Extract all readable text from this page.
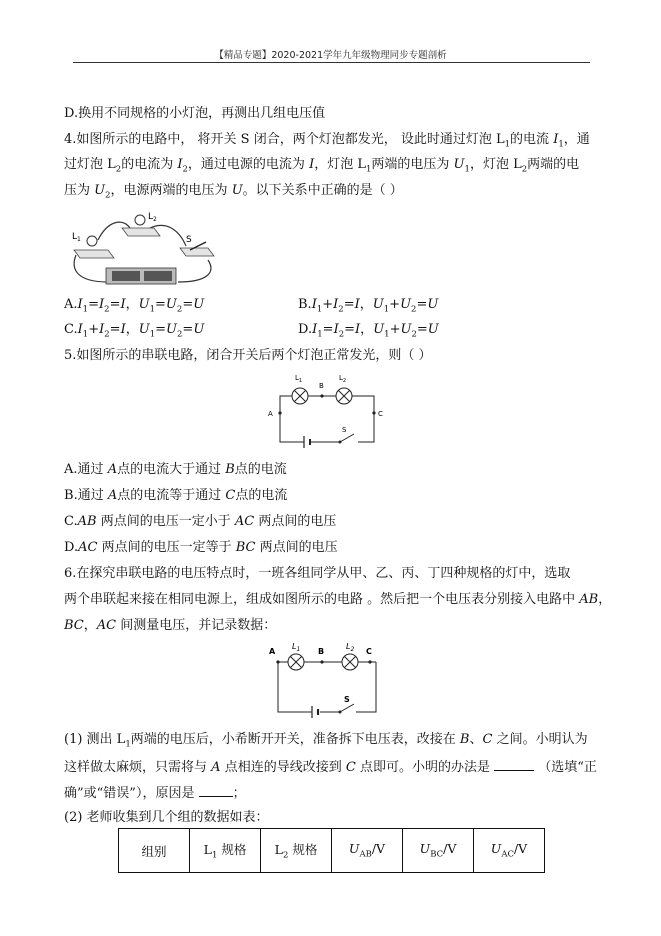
【精品专题】2020-2021学年九年级物理同步专题剖析
D.换用不同规格的小灯泡，再测出几组电压值
4.如图所示的电路中， 将开关 S 闭合，两个灯泡都发光， 设此时通过灯泡 $L_1$的电流 $I_1$，通
过灯泡 $L_2$的电流为 $I_2$，通过电源的电流为 I，灯泡 $L_1$两端的电压为 $U_1$，灯泡 $L_2$两端的电
压为 $U_2$，电源两端的电压为 U。以下关系中正确的是（ ）
$L_1$
$L_2$
S
$A.I_1=I_2=I$，$U_1=U_2=U$	$B.I_1+I_2=I$，$U_1+U_2=U$
$C.I_1+I_2=I$，$U_1=U_2=U$	$D.I_1=I_2=I$，$U_1+U_2=U$
5.如图所示的串联电路，闭合开关后两个灯泡正常发光，则（ ）
S
$L_1$	$L_2$
B
A	C
A.通过 A点的电流大于通过 B点的电流
B.通过 A点的电流等于通过 C点的电流
C.AB 两点间的电压一定小于 AC 两点间的电压
D.AC 两点间的电压一定等于 BC 两点间的电压
6.在探究串联电路的电压特点时，一班各组同学从甲、乙、丙、丁四种规格的灯中，选取
两个串联起来接在相同电源上，组成如图所示的电路 。然后把一个电压表分别接入电路中 AB，
BC，AC 间测量电压，并记录数据：
S
A	B	C
$L_1$	$L_2$
(1) 测出 $L_1$两端的电压后，小希断开开关，准备拆下电压表，改接在 B、C 之间。小明认为
这样做太麻烦，只需将与 A 点相连的导线改接到 C 点即可。小明的办法是	（选填“正
确”或“错误”），原因是	；
(2) 老师收集到几个组的数据如表：
组别	$L_1$ 规格	$L_2$ 规格	$U_{AB}/V$	$U_{BC}/V$	$U_{AC}/V$
